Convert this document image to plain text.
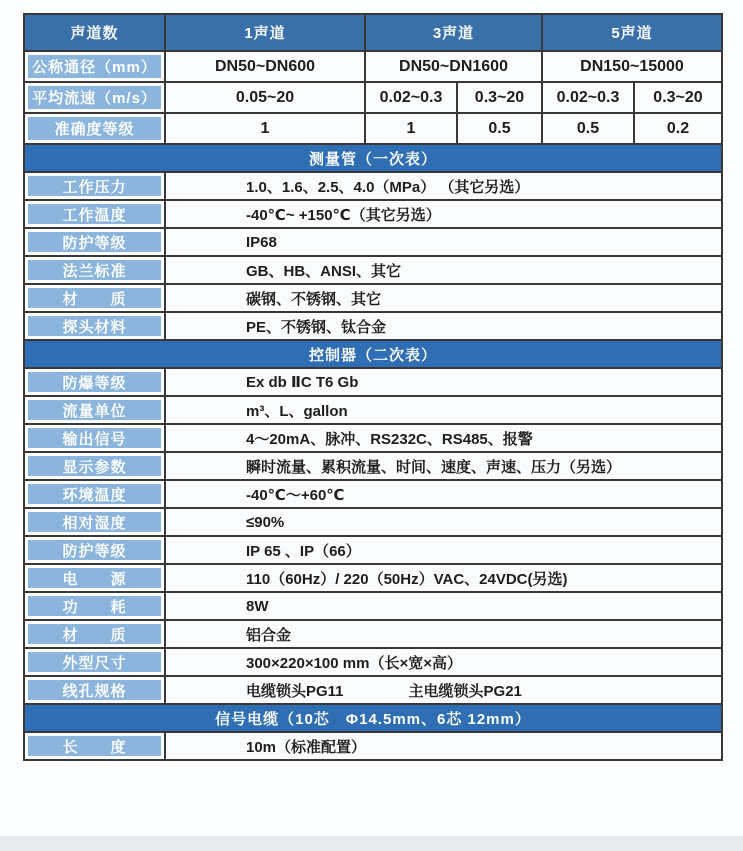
声道数	1声道	3声道		5声道	
公称通径（mm）	DN50~DN600	DN50~DN1600		DN150~15000	
平均流速（m/s）	0.05~20	0.02~0.3	0.3~20	0.02~0.3	0.3~20
准确度等级	1	1	0.5	0.5	0.2
测量管（一次表）					
工作压力	1.0、1.6、2.5、4.0（MPa） （其它另选）				
工作温度	-40℃~ +150℃（其它另选）				
防护等级	IP68				
法兰标准	GB、HB、ANSI、其它				
材　　质	碳钢、不锈钢、其它				
探头材料	PE、不锈钢、钛合金				
控制器（二次表）					
防爆等级	Ex db ⅡC T6 Gb				
流量单位	m³、L、gallon				
输出信号	4～20mA、脉冲、RS232C、RS485、报警				
显示参数	瞬时流量、累积流量、时间、速度、声速、压力（另选）				
环境温度	-40℃～+60℃				
相对湿度	≤90%				
防护等级	IP 65 、IP（66）				
电　　源	110（60Hz）/ 220（50Hz）VAC、24VDC(另选)				
功　　耗	8W				
材　　质	铝合金				
外型尺寸	300×220×100 mm（长×宽×高）				
线孔规格	电缆锁头PG11 主电缆锁头PG21				
信号电缆（10芯　Φ14.5mm、6芯 12mm）					
长　　度	10m（标准配置）				
